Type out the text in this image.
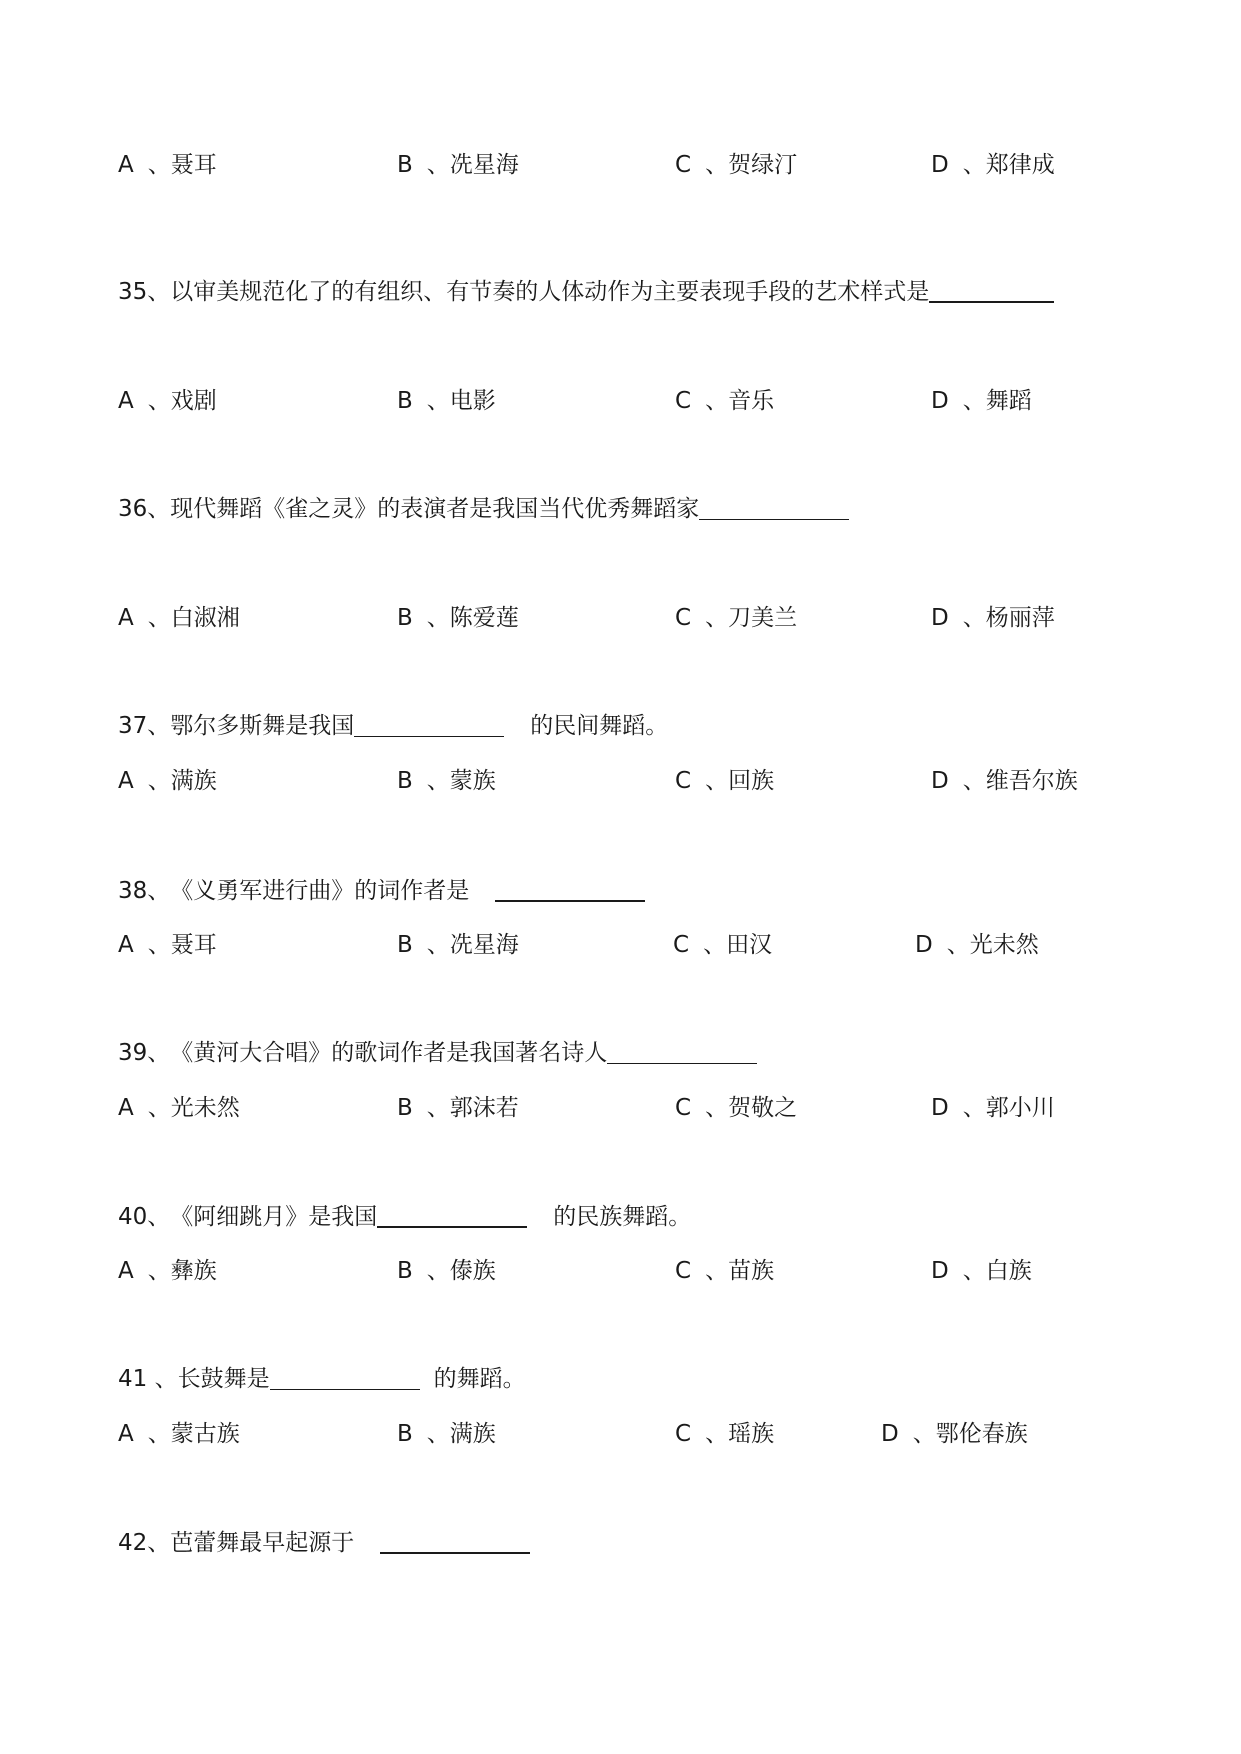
A 、聂耳	B 、冼星海	C 、贺绿汀	D 、郑律成
35、以审美规范化了的有组织、有节奏的人体动作为主要表现手段的艺术样式是
A 、戏剧	B 、电影	C 、音乐	D 、舞蹈
36、现代舞蹈《雀之灵》的表演者是我国当代优秀舞蹈家
A 、白淑湘	B 、陈爱莲	C 、刀美兰	D 、杨丽萍
37、鄂尔多斯舞是我国	的民间舞蹈。
A 、满族	B 、蒙族	C 、回族	D 、维吾尔族
38、《义勇军进行曲》的词作者是
A 、聂耳	B 、冼星海	C 、田汉	D 、光未然
39、《黄河大合唱》的歌词作者是我国著名诗人
A 、光未然	B 、郭沫若	C 、贺敬之	D 、郭小川
40、《阿细跳月》是我国	的民族舞蹈。
A 、彝族	B 、傣族	C 、苗族	D 、白族
41 、长鼓舞是	的舞蹈。
A 、蒙古族	B 、满族	C 、瑶族	D 、鄂伦春族
42、芭蕾舞最早起源于
